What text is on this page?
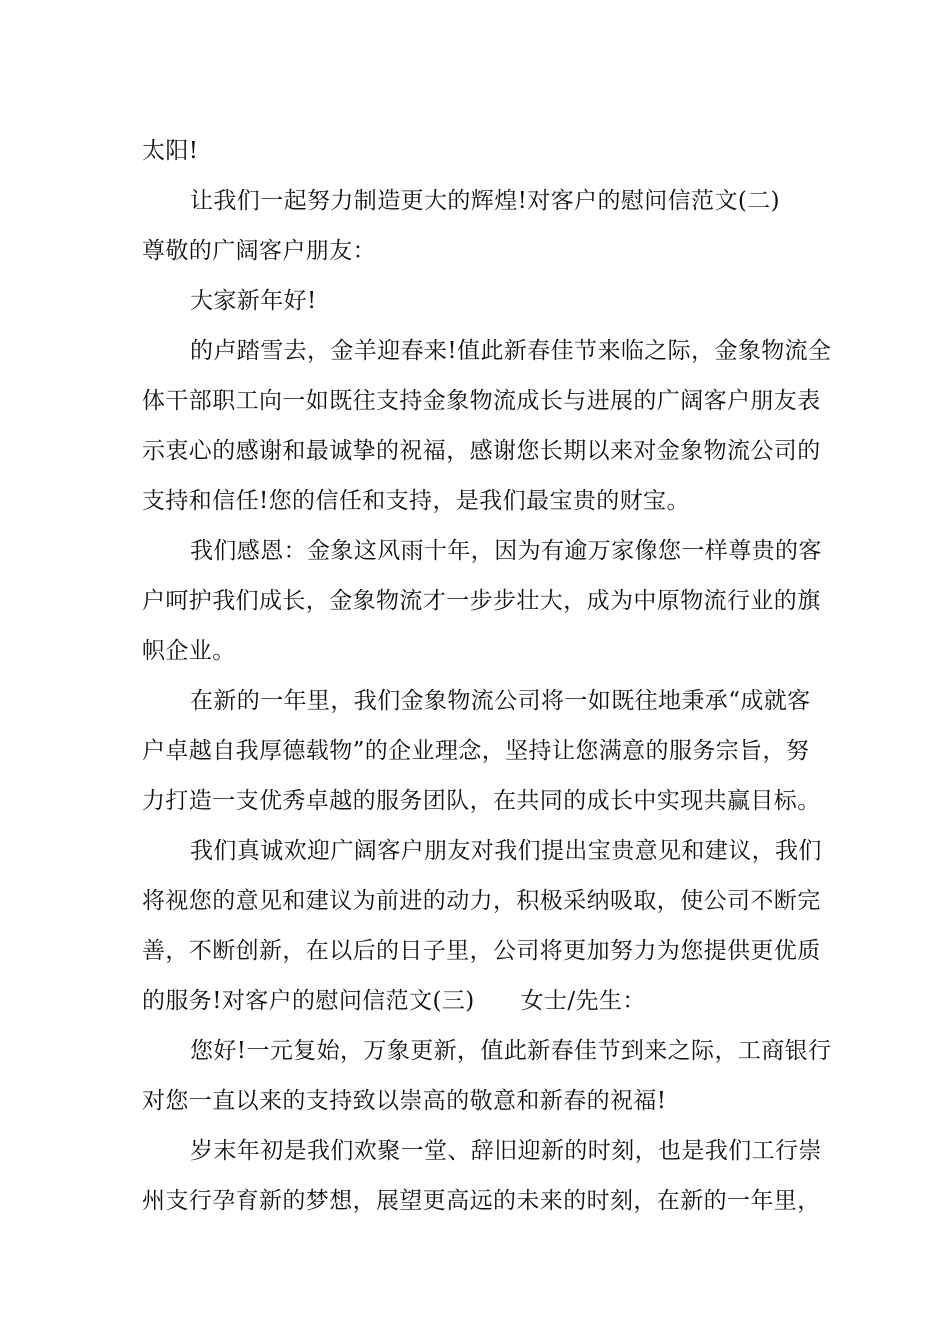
太阳!
让我们一起努力制造更大的辉煌!对客户的慰问信范文(二)
尊敬的广阔客户朋友：
大家新年好!
的卢踏雪去，金羊迎春来!值此新春佳节来临之际，金象物流全
体干部职工向一如既往支持金象物流成长与进展的广阔客户朋友表
示衷心的感谢和最诚挚的祝福，感谢您长期以来对金象物流公司的
支持和信任!您的信任和支持，是我们最宝贵的财宝。
我们感恩：金象这风雨十年，因为有逾万家像您一样尊贵的客
户呵护我们成长，金象物流才一步步壮大，成为中原物流行业的旗
帜企业。
在新的一年里，我们金象物流公司将一如既往地秉承“成就客
户卓越自我厚德载物”的企业理念，坚持让您满意的服务宗旨，努
力打造一支优秀卓越的服务团队，在共同的成长中实现共赢目标。
我们真诚欢迎广阔客户朋友对我们提出宝贵意见和建议，我们
将视您的意见和建议为前进的动力，积极采纳吸取，使公司不断完
善，不断创新，在以后的日子里，公司将更加努力为您提供更优质
的服务!对客户的慰问信范文(三) 女士/先生：
您好!一元复始，万象更新，值此新春佳节到来之际，工商银行
对您一直以来的支持致以崇高的敬意和新春的祝福!
岁末年初是我们欢聚一堂、辞旧迎新的时刻，也是我们工行崇
州支行孕育新的梦想，展望更高远的未来的时刻，在新的一年里，
